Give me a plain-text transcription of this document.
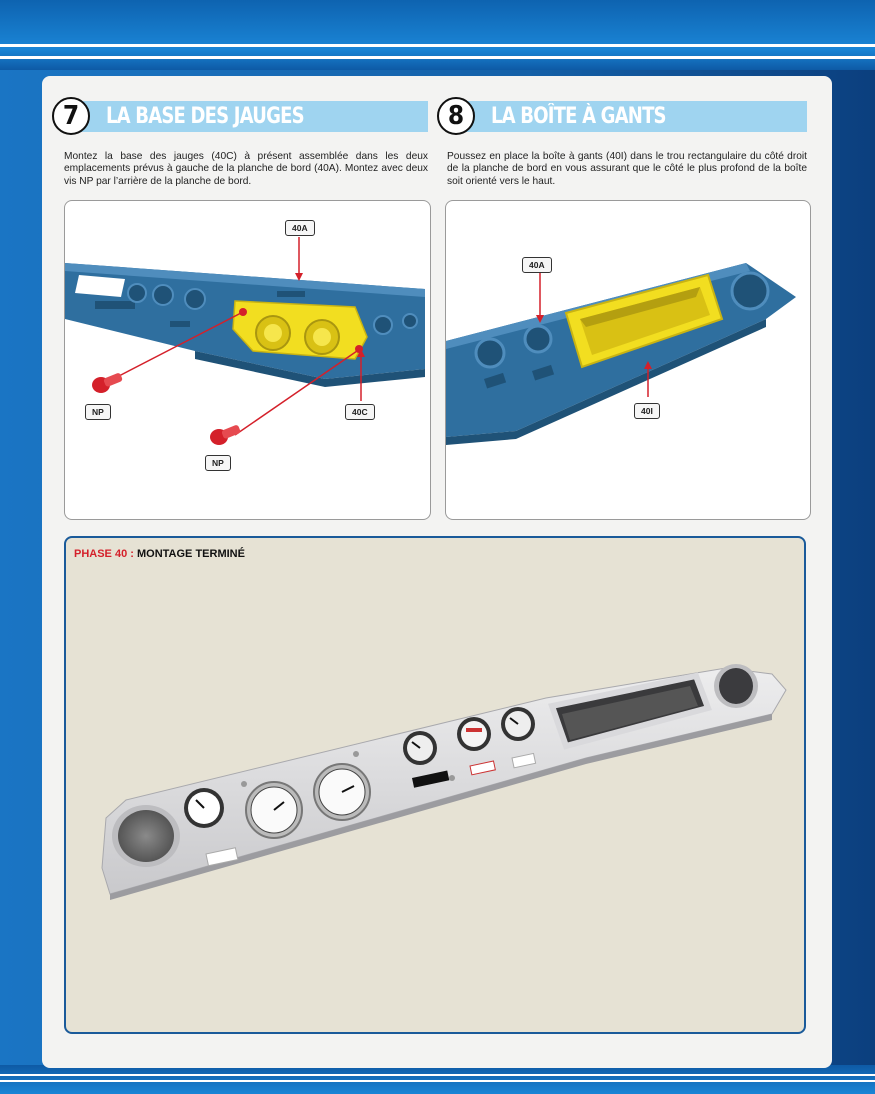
7	LA BASE DES JAUGES
Montez la base des jauges (40C) à présent assemblée dans les deux emplacements prévus à gauche de la planche de bord (40A). Montez avec deux vis NP par l’arrière de la planche de bord.
40A
40C
NP
NP
8	LA BOÎTE À GANTS
Poussez en place la boîte à gants (40I) dans le trou rectangulaire du côté droit de la planche de bord en vous assurant que le côté le plus profond de la boîte soit orienté vers le haut.
40A
40I
PHASE 40 : MONTAGE TERMINÉ
